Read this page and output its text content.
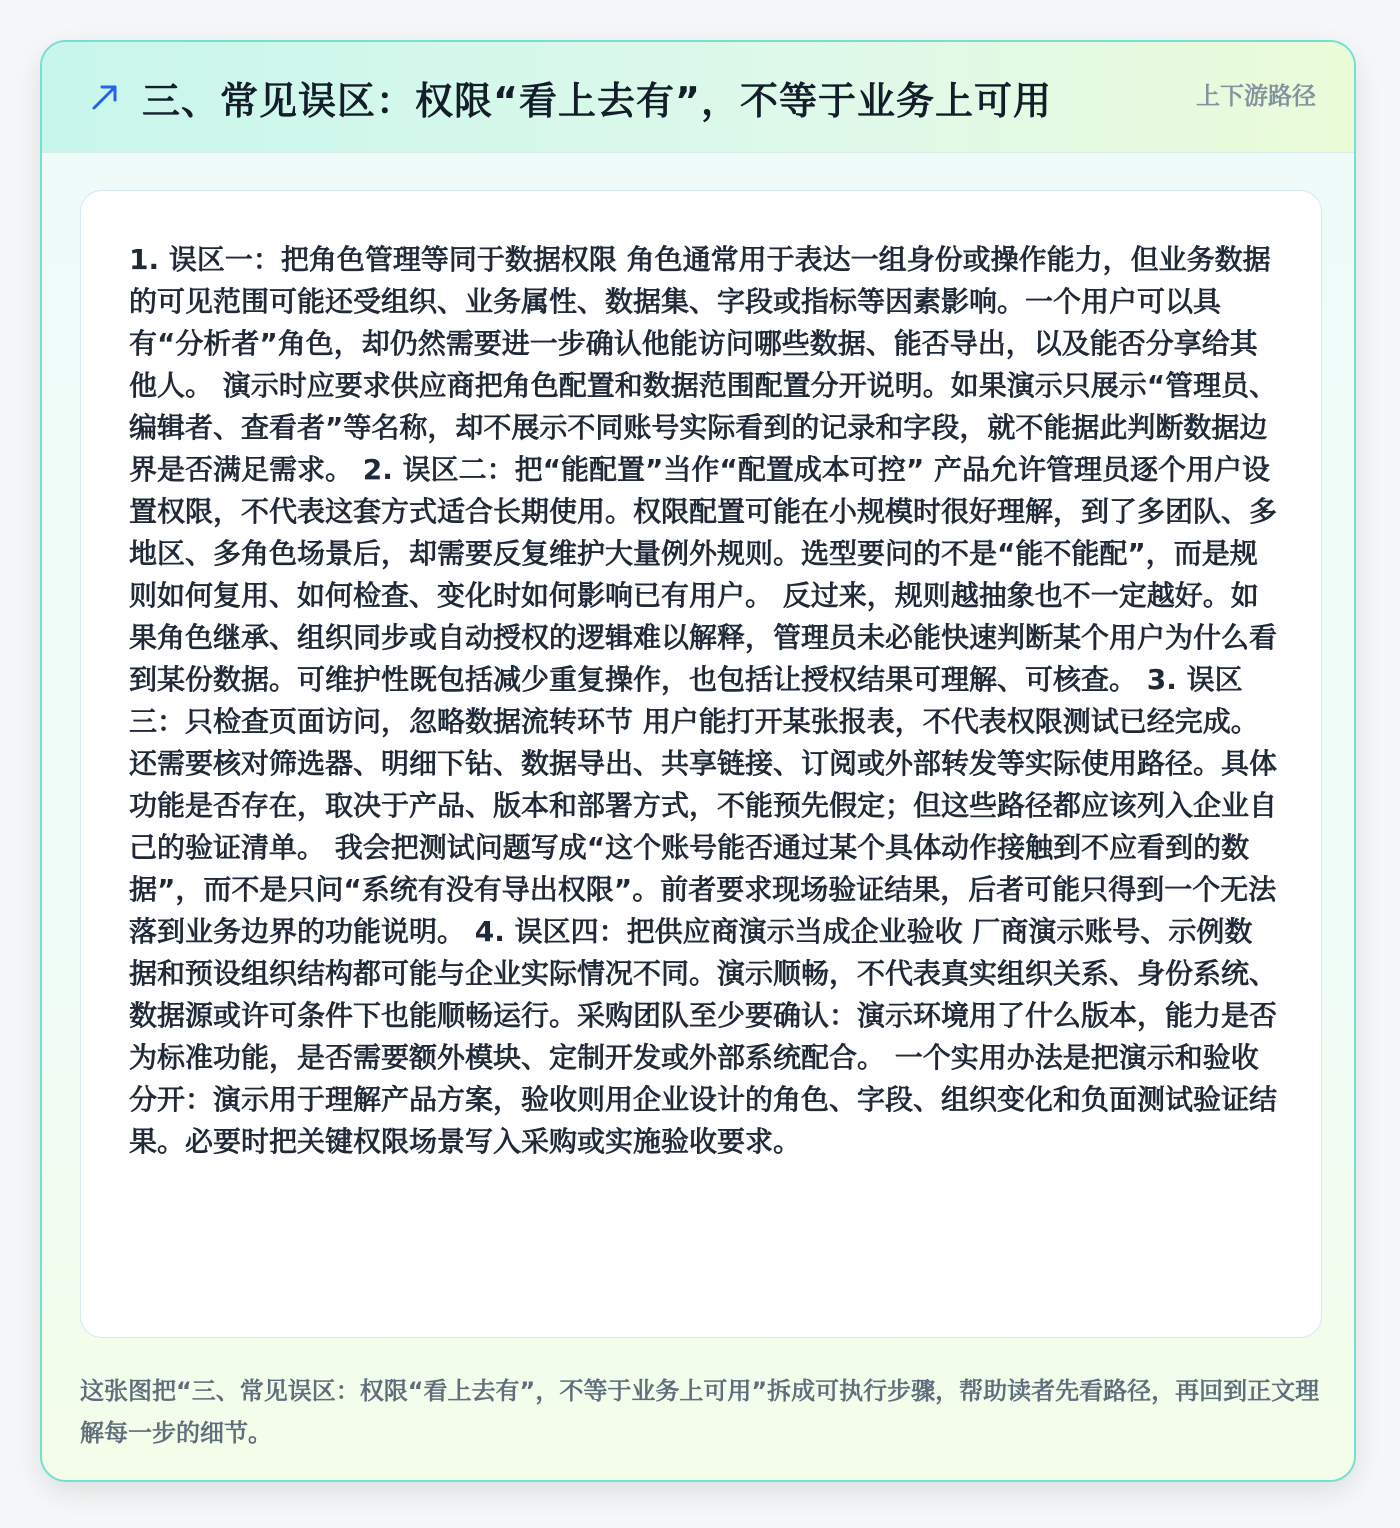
三、常见误区：权限“看上去有”，不等于业务上可用	上下游路径

1. 误区一：把角色管理等同于数据权限 角色通常用于表达一组身份或操作能力，但业务数据的可见范围可能还受组织、业务属性、数据集、字段或指标等因素影响。一个用户可以具有“分析者”角色，却仍然需要进一步确认他能访问哪些数据、能否导出，以及能否分享给其他人。 演示时应要求供应商把角色配置和数据范围配置分开说明。如果演示只展示“管理员、编辑者、查看者”等名称，却不展示不同账号实际看到的记录和字段，就不能据此判断数据边界是否满足需求。 2. 误区二：把“能配置”当作“配置成本可控” 产品允许管理员逐个用户设置权限，不代表这套方式适合长期使用。权限配置可能在小规模时很好理解，到了多团队、多地区、多角色场景后，却需要反复维护大量例外规则。选型要问的不是“能不能配”，而是规则如何复用、如何检查、变化时如何影响已有用户。 反过来，规则越抽象也不一定越好。如果角色继承、组织同步或自动授权的逻辑难以解释，管理员未必能快速判断某个用户为什么看到某份数据。可维护性既包括减少重复操作，也包括让授权结果可理解、可核查。 3. 误区三：只检查页面访问，忽略数据流转环节 用户能打开某张报表，不代表权限测试已经完成。还需要核对筛选器、明细下钻、数据导出、共享链接、订阅或外部转发等实际使用路径。具体功能是否存在，取决于产品、版本和部署方式，不能预先假定；但这些路径都应该列入企业自己的验证清单。 我会把测试问题写成“这个账号能否通过某个具体动作接触到不应看到的数据”，而不是只问“系统有没有导出权限”。前者要求现场验证结果，后者可能只得到一个无法落到业务边界的功能说明。 4. 误区四：把供应商演示当成企业验收 厂商演示账号、示例数据和预设组织结构都可能与企业实际情况不同。演示顺畅，不代表真实组织关系、身份系统、数据源或许可条件下也能顺畅运行。采购团队至少要确认：演示环境用了什么版本，能力是否为标准功能，是否需要额外模块、定制开发或外部系统配合。 一个实用办法是把演示和验收分开：演示用于理解产品方案，验收则用企业设计的角色、字段、组织变化和负面测试验证结果。必要时把关键权限场景写入采购或实施验收要求。

这张图把“三、常见误区：权限“看上去有”，不等于业务上可用”拆成可执行步骤，帮助读者先看路径，再回到正文理解每一步的细节。
